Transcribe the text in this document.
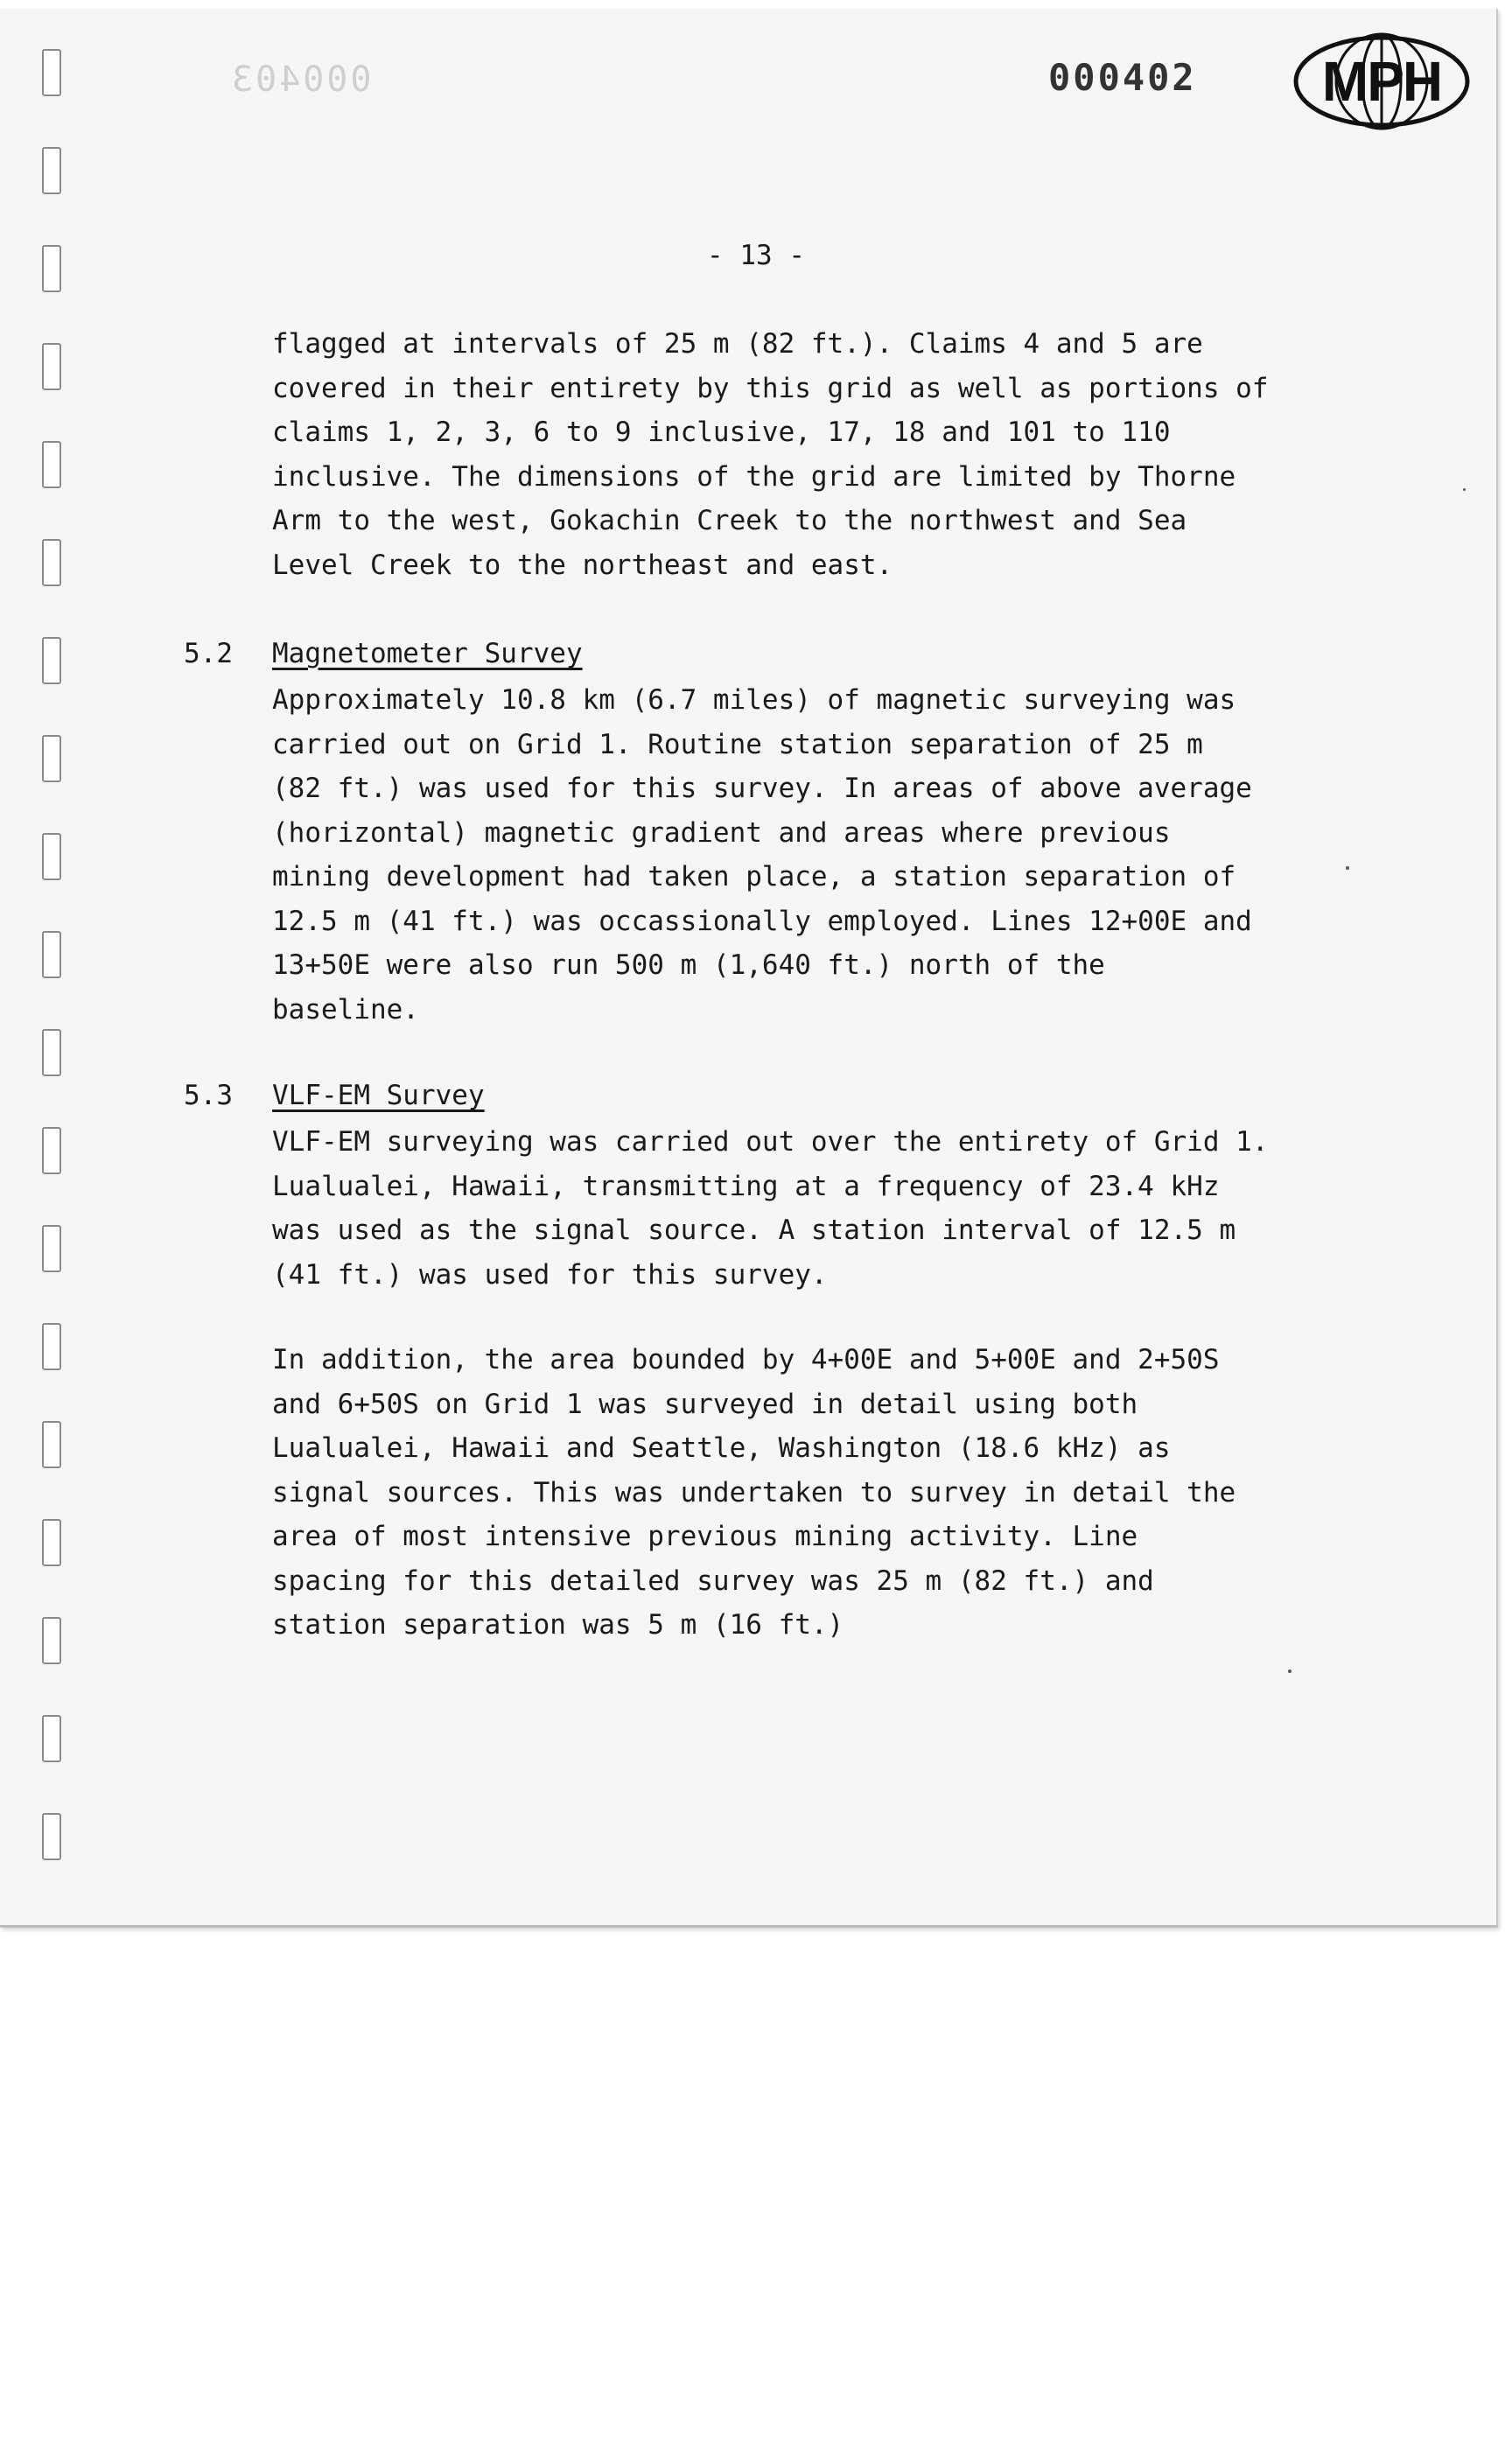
000403	000402	MPH
- 13 -
flagged at intervals of 25 m (82 ft.). Claims 4 and 5 are
covered in their entirety by this grid as well as portions of
claims 1, 2, 3, 6 to 9 inclusive, 17, 18 and 101 to 110
inclusive. The dimensions of the grid are limited by Thorne
Arm to the west, Gokachin Creek to the northwest and Sea
Level Creek to the northeast and east.
5.2 Magnetometer Survey
Approximately 10.8 km (6.7 miles) of magnetic surveying was
carried out on Grid 1. Routine station separation of 25 m
(82 ft.) was used for this survey. In areas of above average
(horizontal) magnetic gradient and areas where previous
mining development had taken place, a station separation of
12.5 m (41 ft.) was occassionally employed. Lines 12+00E and
13+50E were also run 500 m (1,640 ft.) north of the
baseline.
5.3 VLF-EM Survey
VLF-EM surveying was carried out over the entirety of Grid 1.
Lualualei, Hawaii, transmitting at a frequency of 23.4 kHz
was used as the signal source. A station interval of 12.5 m
(41 ft.) was used for this survey.
In addition, the area bounded by 4+00E and 5+00E and 2+50S
and 6+50S on Grid 1 was surveyed in detail using both
Lualualei, Hawaii and Seattle, Washington (18.6 kHz) as
signal sources. This was undertaken to survey in detail the
area of most intensive previous mining activity. Line
spacing for this detailed survey was 25 m (82 ft.) and
station separation was 5 m (16 ft.)
